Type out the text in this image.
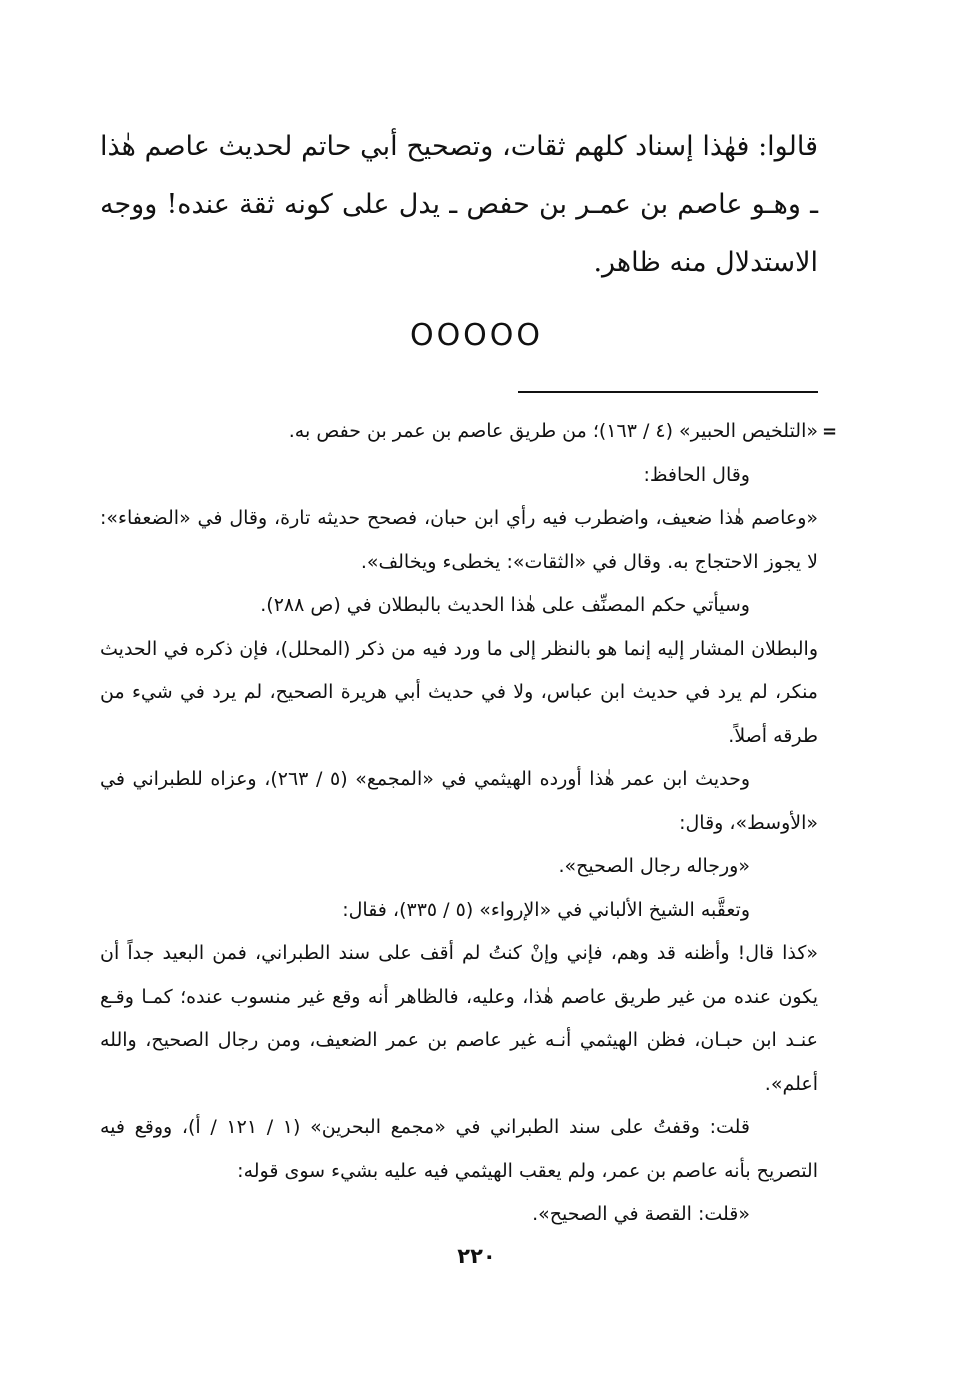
قالوا: فهٰذا إسناد كلهم ثقات، وتصحيح أبي حاتم لحديث عاصم هٰذا ـ وهـو عاصم بن عمـر بن حفص ـ يدل على كونه ثقة عنده! ووجه الاستدلال منه ظاهر.

OOOOO
=

«التلخيص الحبير» (٤ / ١٦٣)؛ من طريق عاصم بن عمر بن حفص به.

وقال الحافظ:

«وعاصم هٰذا ضعيف، واضطرب فيه رأي ابن حبان، فصحح حديثه تارة، وقال في «الضعفاء»: لا يجوز الاحتجاج به. وقال في «الثقات»: يخطىء ويخالف».

وسيأتي حكم المصنِّف على هٰذا الحديث بالبطلان في (ص ٢٨٨).

والبطلان المشار إليه إنما هو بالنظر إلى ما ورد فيه من ذكر (المحلل)، فإن ذكره في الحديث منكر، لم يرد في حديث ابن عباس، ولا في حديث أبي هريرة الصحيح، لم يرد في شيء من طرقه أصلاً.

وحديث ابن عمر هٰذا أورده الهيثمي في «المجمع» (٥ / ٢٦٣)، وعزاه للطبراني في «الأوسط»، وقال:

«ورجاله رجال الصحيح».

وتعقَّبه الشيخ الألباني في «الإرواء» (٥ / ٣٣٥)، فقال:

«كذا قال! وأظنه قد وهم، فإني وإنْ كنتُ لم أقف على سند الطبراني، فمن البعيد جداً أن يكون عنده من غير طريق عاصم هٰذا، وعليه، فالظاهر أنه وقع غير منسوب عنده؛ كمـا وقـع عنـد ابن حبـان، فظن الهيثمي أنـه غير عاصم بن عمر الضعيف، ومن رجال الصحيح، والله أعلم».

قلت: وقفتُ على سند الطبراني في «مجمع البحرين» (١ / ١٢١ / أ)، ووقع فيه التصريح بأنه عاصم بن عمر، ولم يعقب الهيثمي فيه عليه بشيء سوى قوله:

«قلت: القصة في الصحيح».

٢٢٠
